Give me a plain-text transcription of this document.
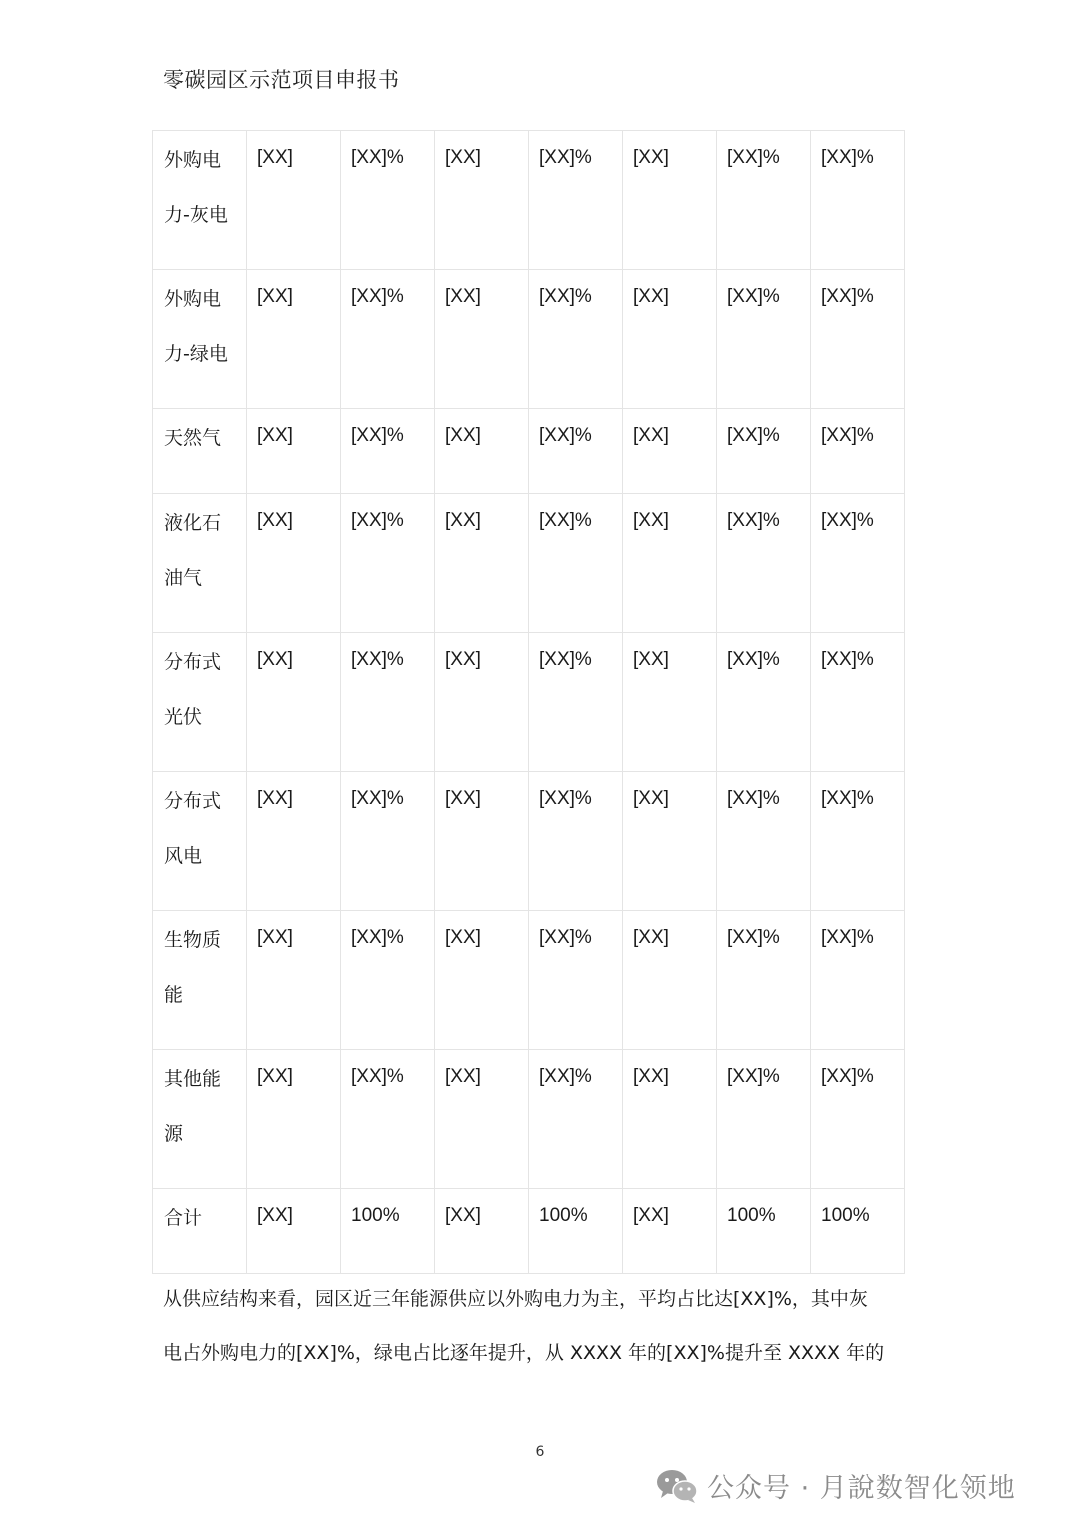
零碳园区示范项目申报书
外购电力-灰电	[XX]	[XX]%	[XX]	[XX]%	[XX]	[XX]%	[XX]%
外购电力-绿电	[XX]	[XX]%	[XX]	[XX]%	[XX]	[XX]%	[XX]%
天然气	[XX]	[XX]%	[XX]	[XX]%	[XX]	[XX]%	[XX]%
液化石油气	[XX]	[XX]%	[XX]	[XX]%	[XX]	[XX]%	[XX]%
分布式光伏	[XX]	[XX]%	[XX]	[XX]%	[XX]	[XX]%	[XX]%
分布式风电	[XX]	[XX]%	[XX]	[XX]%	[XX]	[XX]%	[XX]%
生物质能	[XX]	[XX]%	[XX]	[XX]%	[XX]	[XX]%	[XX]%
其他能源	[XX]	[XX]%	[XX]	[XX]%	[XX]	[XX]%	[XX]%
合计	[XX]	100%	[XX]	100%	[XX]	100%	100%

从供应结构来看，园区近三年能源供应以外购电力为主，平均占比达[XX]%，其中灰

电占外购电力的[XX]%，绿电占比逐年提升，从 XXXX 年的[XX]%提升至 XXXX 年的

6
公众号 · 月說数智化领地
